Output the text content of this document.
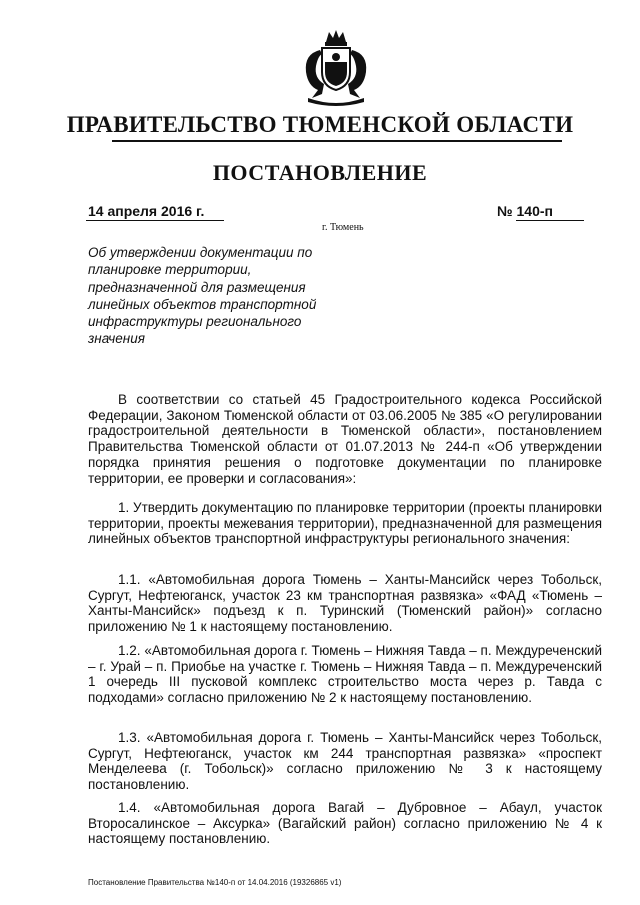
ПРАВИТЕЛЬСТВО ТЮМЕНСКОЙ ОБЛАСТИ
ПОСТАНОВЛЕНИЕ
14 апреля 2016 г.
г. Тюмень
№ 140-п
Об утверждении документации по планировке территории, предназначенной для размещения линейных объектов транспортной инфраструктуры регионального значения

В соответствии со статьей 45 Градостроительного кодекса Российской Федерации, Законом Тюменской области от 03.06.2005 № 385 «О регулировании градостроительной деятельности в Тюменской области», постановлением Правительства Тюменской области от 01.07.2013 № 244-п «Об утверждении порядка принятия решения о подготовке документации по планировке территории, ее проверки и согласования»:

1. Утвердить документацию по планировке территории (проекты планировки территории, проекты межевания территории), предназначенной для размещения линейных объектов транспортной инфраструктуры регионального значения:

1.1. «Автомобильная дорога Тюмень – Ханты-Мансийск через Тобольск, Сургут, Нефтеюганск, участок 23 км транспортная развязка» «ФАД «Тюмень – Ханты-Мансийск» подъезд к п. Туринский (Тюменский район)» согласно приложению № 1 к настоящему постановлению.

1.2. «Автомобильная дорога г. Тюмень – Нижняя Тавда – п. Междуреченский – г. Урай – п. Приобье на участке г. Тюмень – Нижняя Тавда – п. Междуреченский 1 очередь III пусковой комплекс строительство моста через р. Тавда с подходами» согласно приложению № 2 к настоящему постановлению.

1.3. «Автомобильная дорога г. Тюмень – Ханты-Мансийск через Тобольск, Сургут, Нефтеюганск, участок км 244 транспортная развязка» «проспект Менделеева (г. Тобольск)» согласно приложению № 3 к настоящему постановлению.

1.4. «Автомобильная дорога Вагай – Дубровное – Абаул, участок Второсалинское – Аксурка» (Вагайский район) согласно приложению № 4 к настоящему постановлению.

Постановление Правительства №140-п от 14.04.2016 (19326865 v1)
